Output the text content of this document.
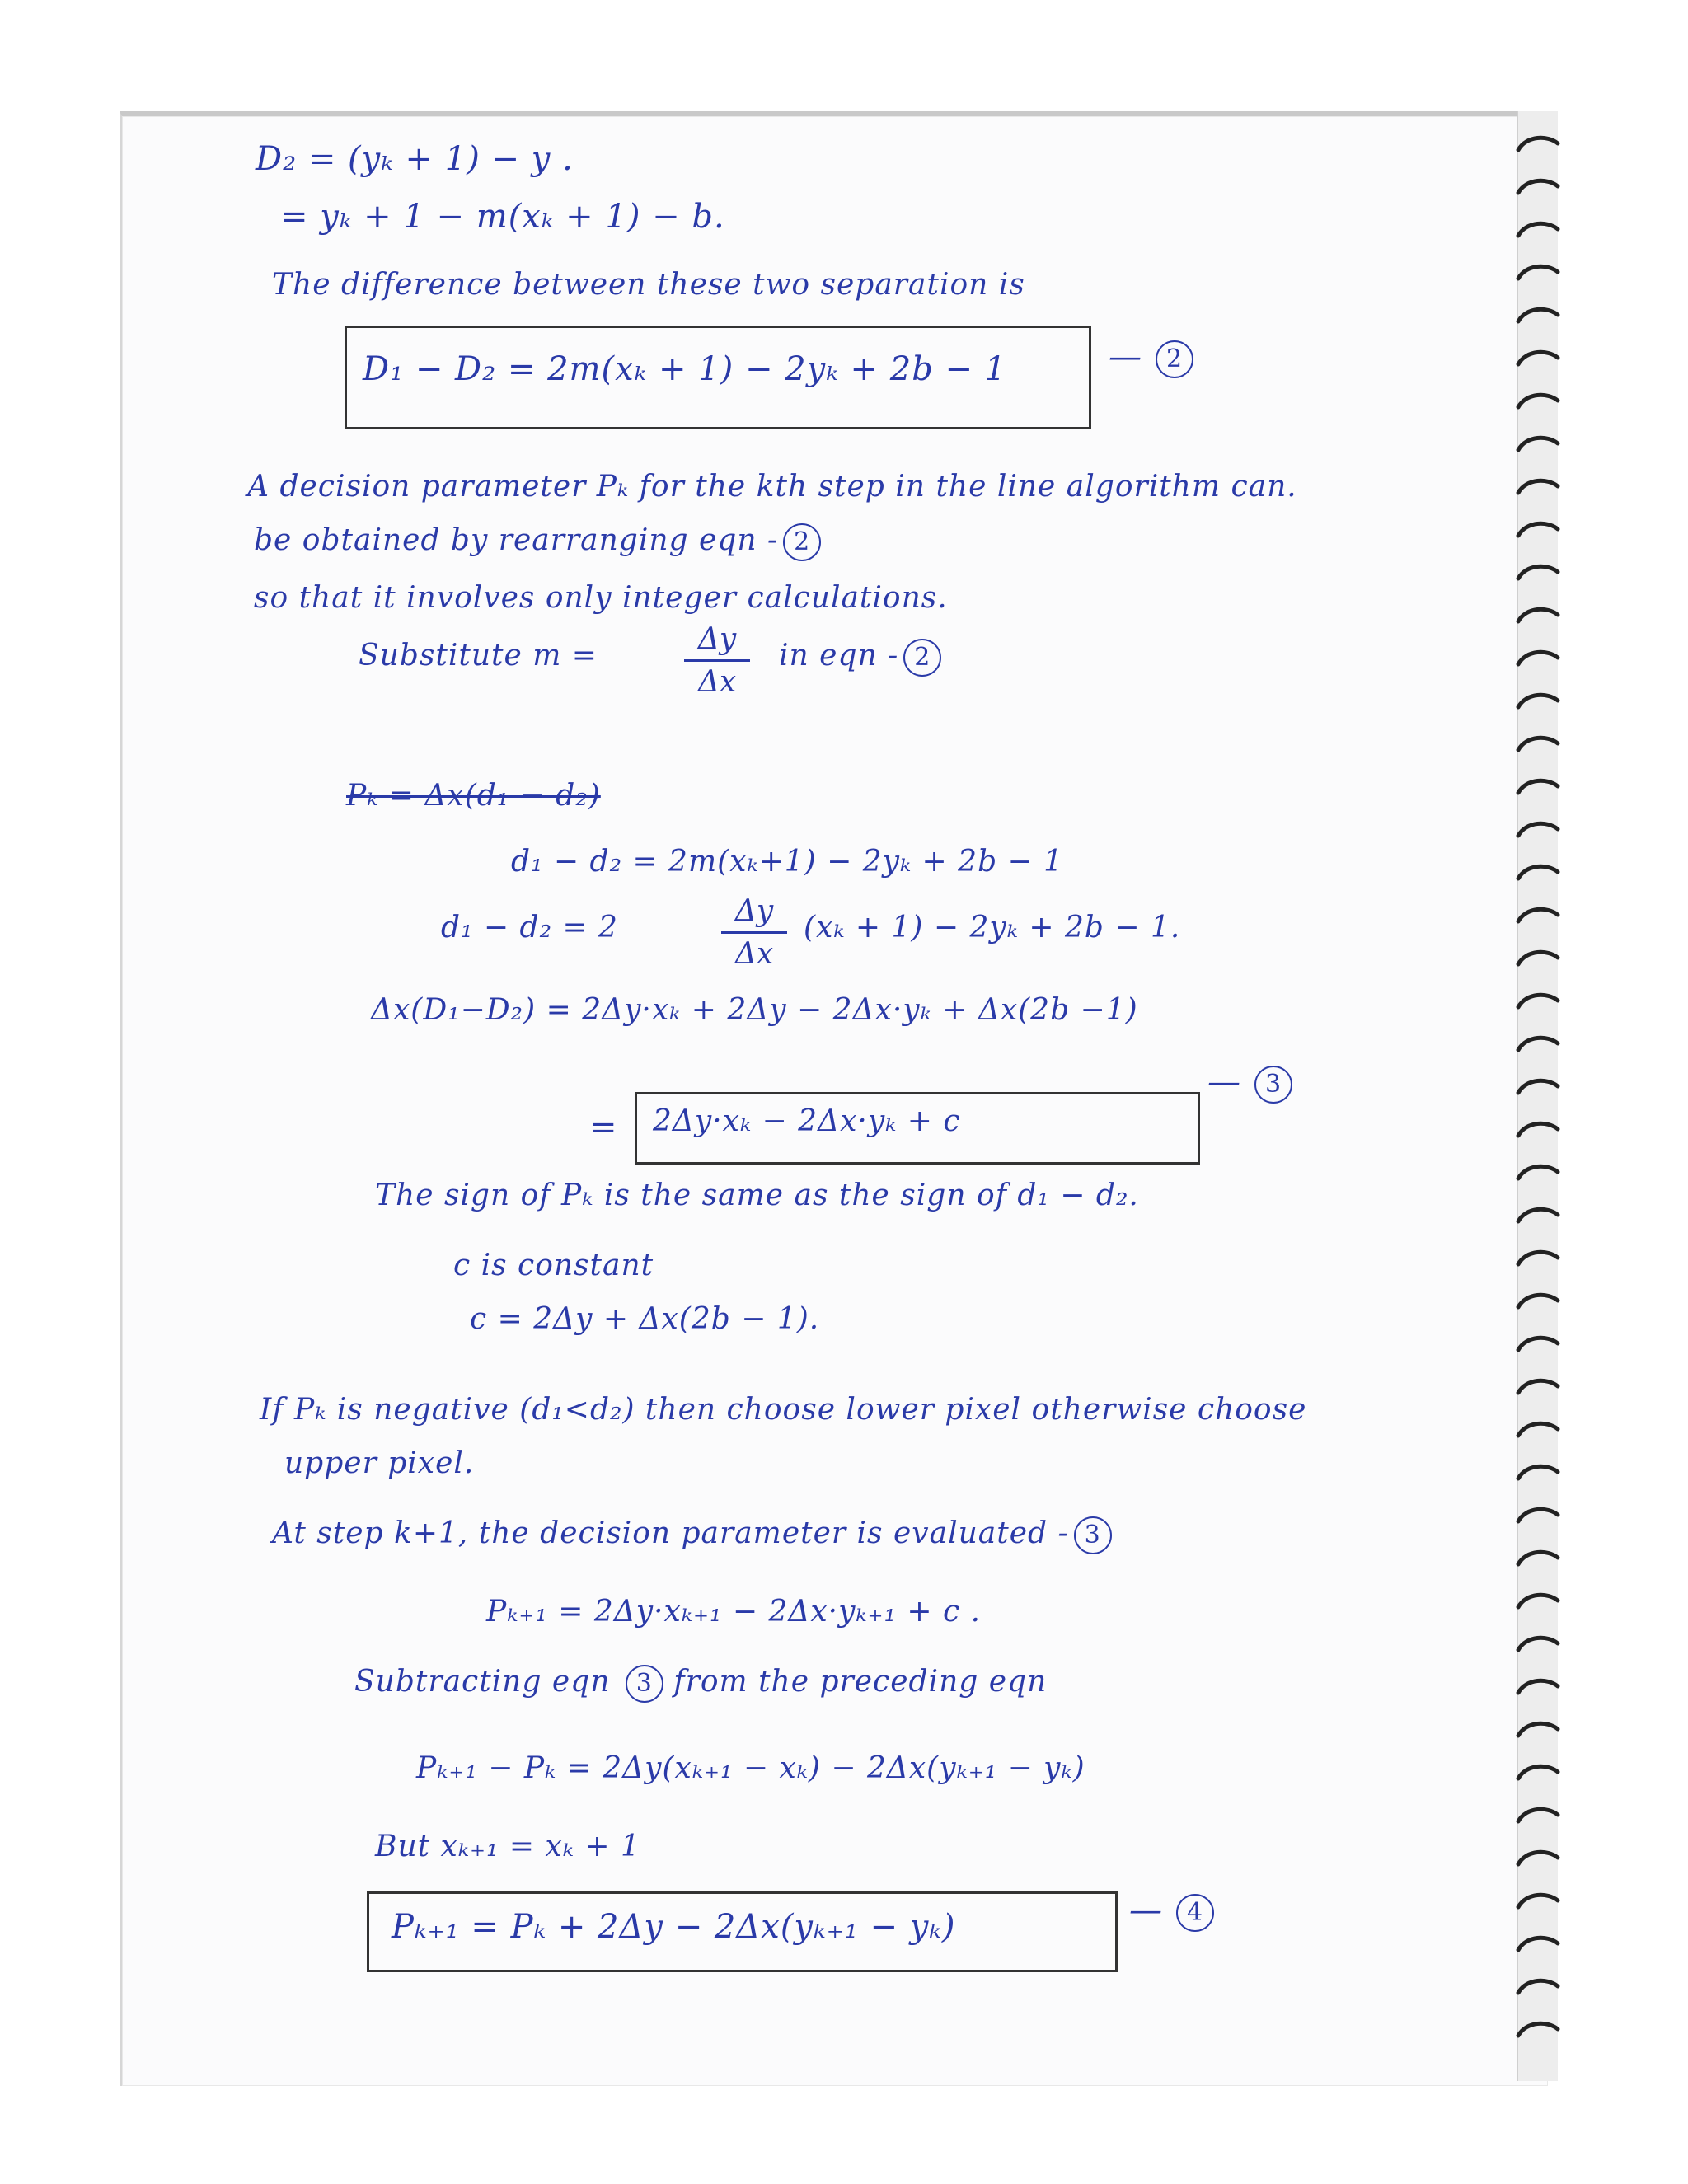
D₂ = (yₖ + 1) − y .
= yₖ + 1 − m(xₖ + 1) − b.
The difference between these two separation is
D₁ − D₂ = 2m(xₖ + 1) − 2yₖ + 2b − 1	— 2
A decision parameter Pₖ for the kth step in the line algorithm can.
be obtained by rearranging eqn - 2
so that it involves only integer calculations.
Substitute m =	Δy
Δx
in eqn - 2
Pₖ = Δx(d₁ − d₂)
d₁ − d₂ = 2m(xₖ+1) − 2yₖ + 2b − 1
d₁ − d₂ = 2	Δy
Δx
(xₖ + 1) − 2yₖ + 2b − 1.
Δx(D₁−D₂) = 2Δy·xₖ + 2Δy − 2Δx·yₖ + Δx(2b −1)
= 2Δy·xₖ − 2Δx·yₖ + c
— 3
The sign of Pₖ is the same as the sign of d₁ − d₂.
c is constant
c = 2Δy + Δx(2b − 1).
If Pₖ is negative (d₁<d₂) then choose lower pixel otherwise choose
upper pixel.
At step k+1, the decision parameter is evaluated - 3
Pₖ₊₁ = 2Δy·xₖ₊₁ − 2Δx·yₖ₊₁ + c .
Subtracting eqn 3 from the preceding eqn
Pₖ₊₁ − Pₖ = 2Δy(xₖ₊₁ − xₖ) − 2Δx(yₖ₊₁ − yₖ)
But xₖ₊₁ = xₖ + 1
Pₖ₊₁ = Pₖ + 2Δy − 2Δx(yₖ₊₁ − yₖ)	— 4
